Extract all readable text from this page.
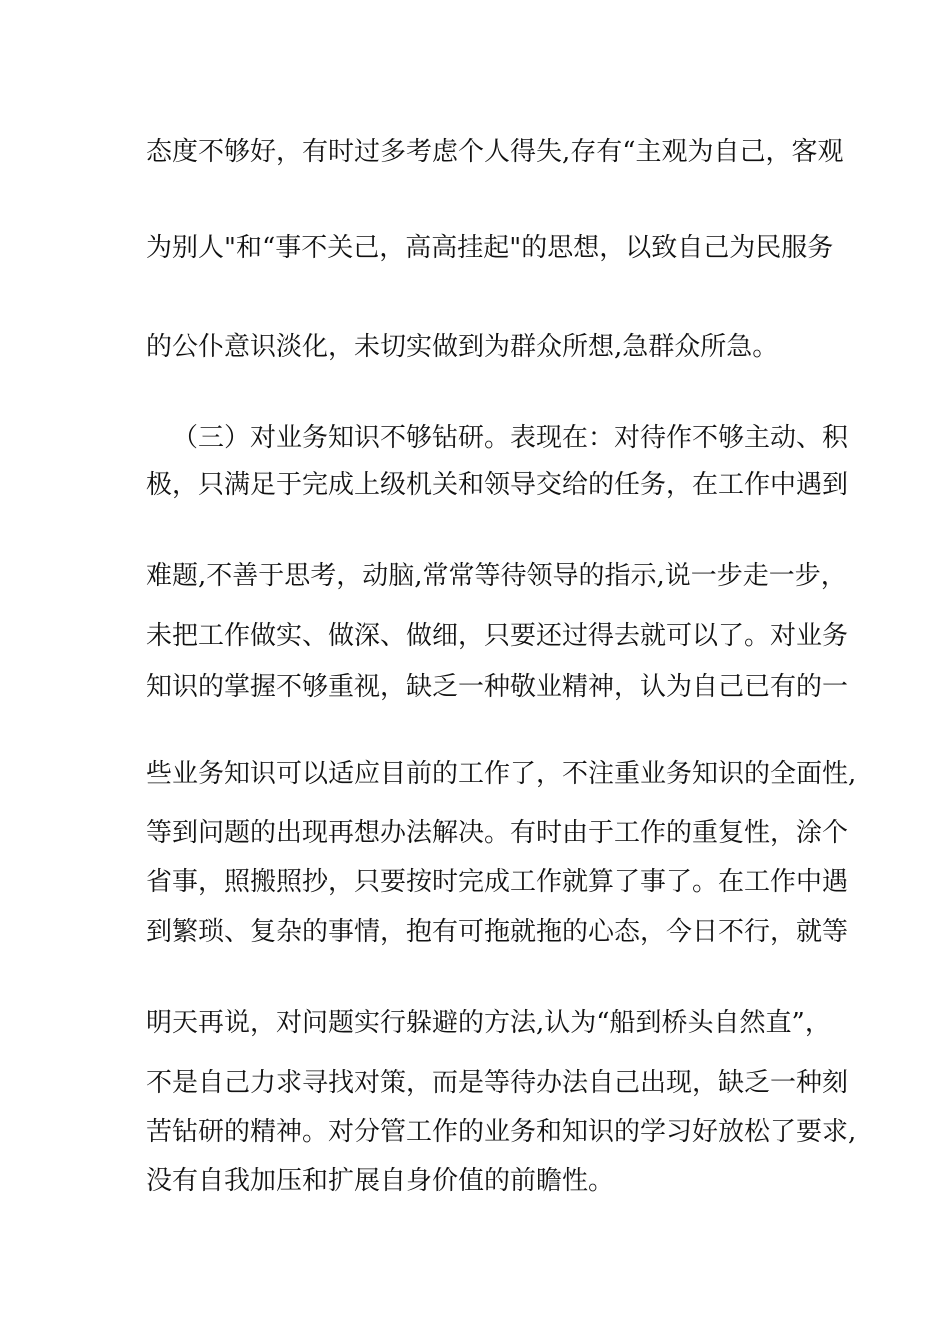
态度不够好，有时过多考虑个人得失,存有“主观为自己，客观
为别人"和“事不关己，高高挂起"的思想，以致自己为民服务
的公仆意识淡化，未切实做到为群众所想,急群众所急。
（三）对业务知识不够钻研。表现在：对待作不够主动、积
极，只满足于完成上级机关和领导交给的任务，在工作中遇到
难题,不善于思考，动脑,常常等待领导的指示,说一步走一步，
未把工作做实、做深、做细，只要还过得去就可以了。对业务
知识的掌握不够重视，缺乏一种敬业精神，认为自己已有的一
些业务知识可以适应目前的工作了，不注重业务知识的全面性,
等到问题的出现再想办法解决。有时由于工作的重复性，涂个
省事，照搬照抄，只要按时完成工作就算了事了。在工作中遇
到繁琐、复杂的事情，抱有可拖就拖的心态，今日不行，就等
明天再说，对问题实行躲避的方法,认为“船到桥头自然直”，
不是自己力求寻找对策，而是等待办法自己出现，缺乏一种刻
苦钻研的精神。对分管工作的业务和知识的学习好放松了要求,
没有自我加压和扩展自身价值的前瞻性。
